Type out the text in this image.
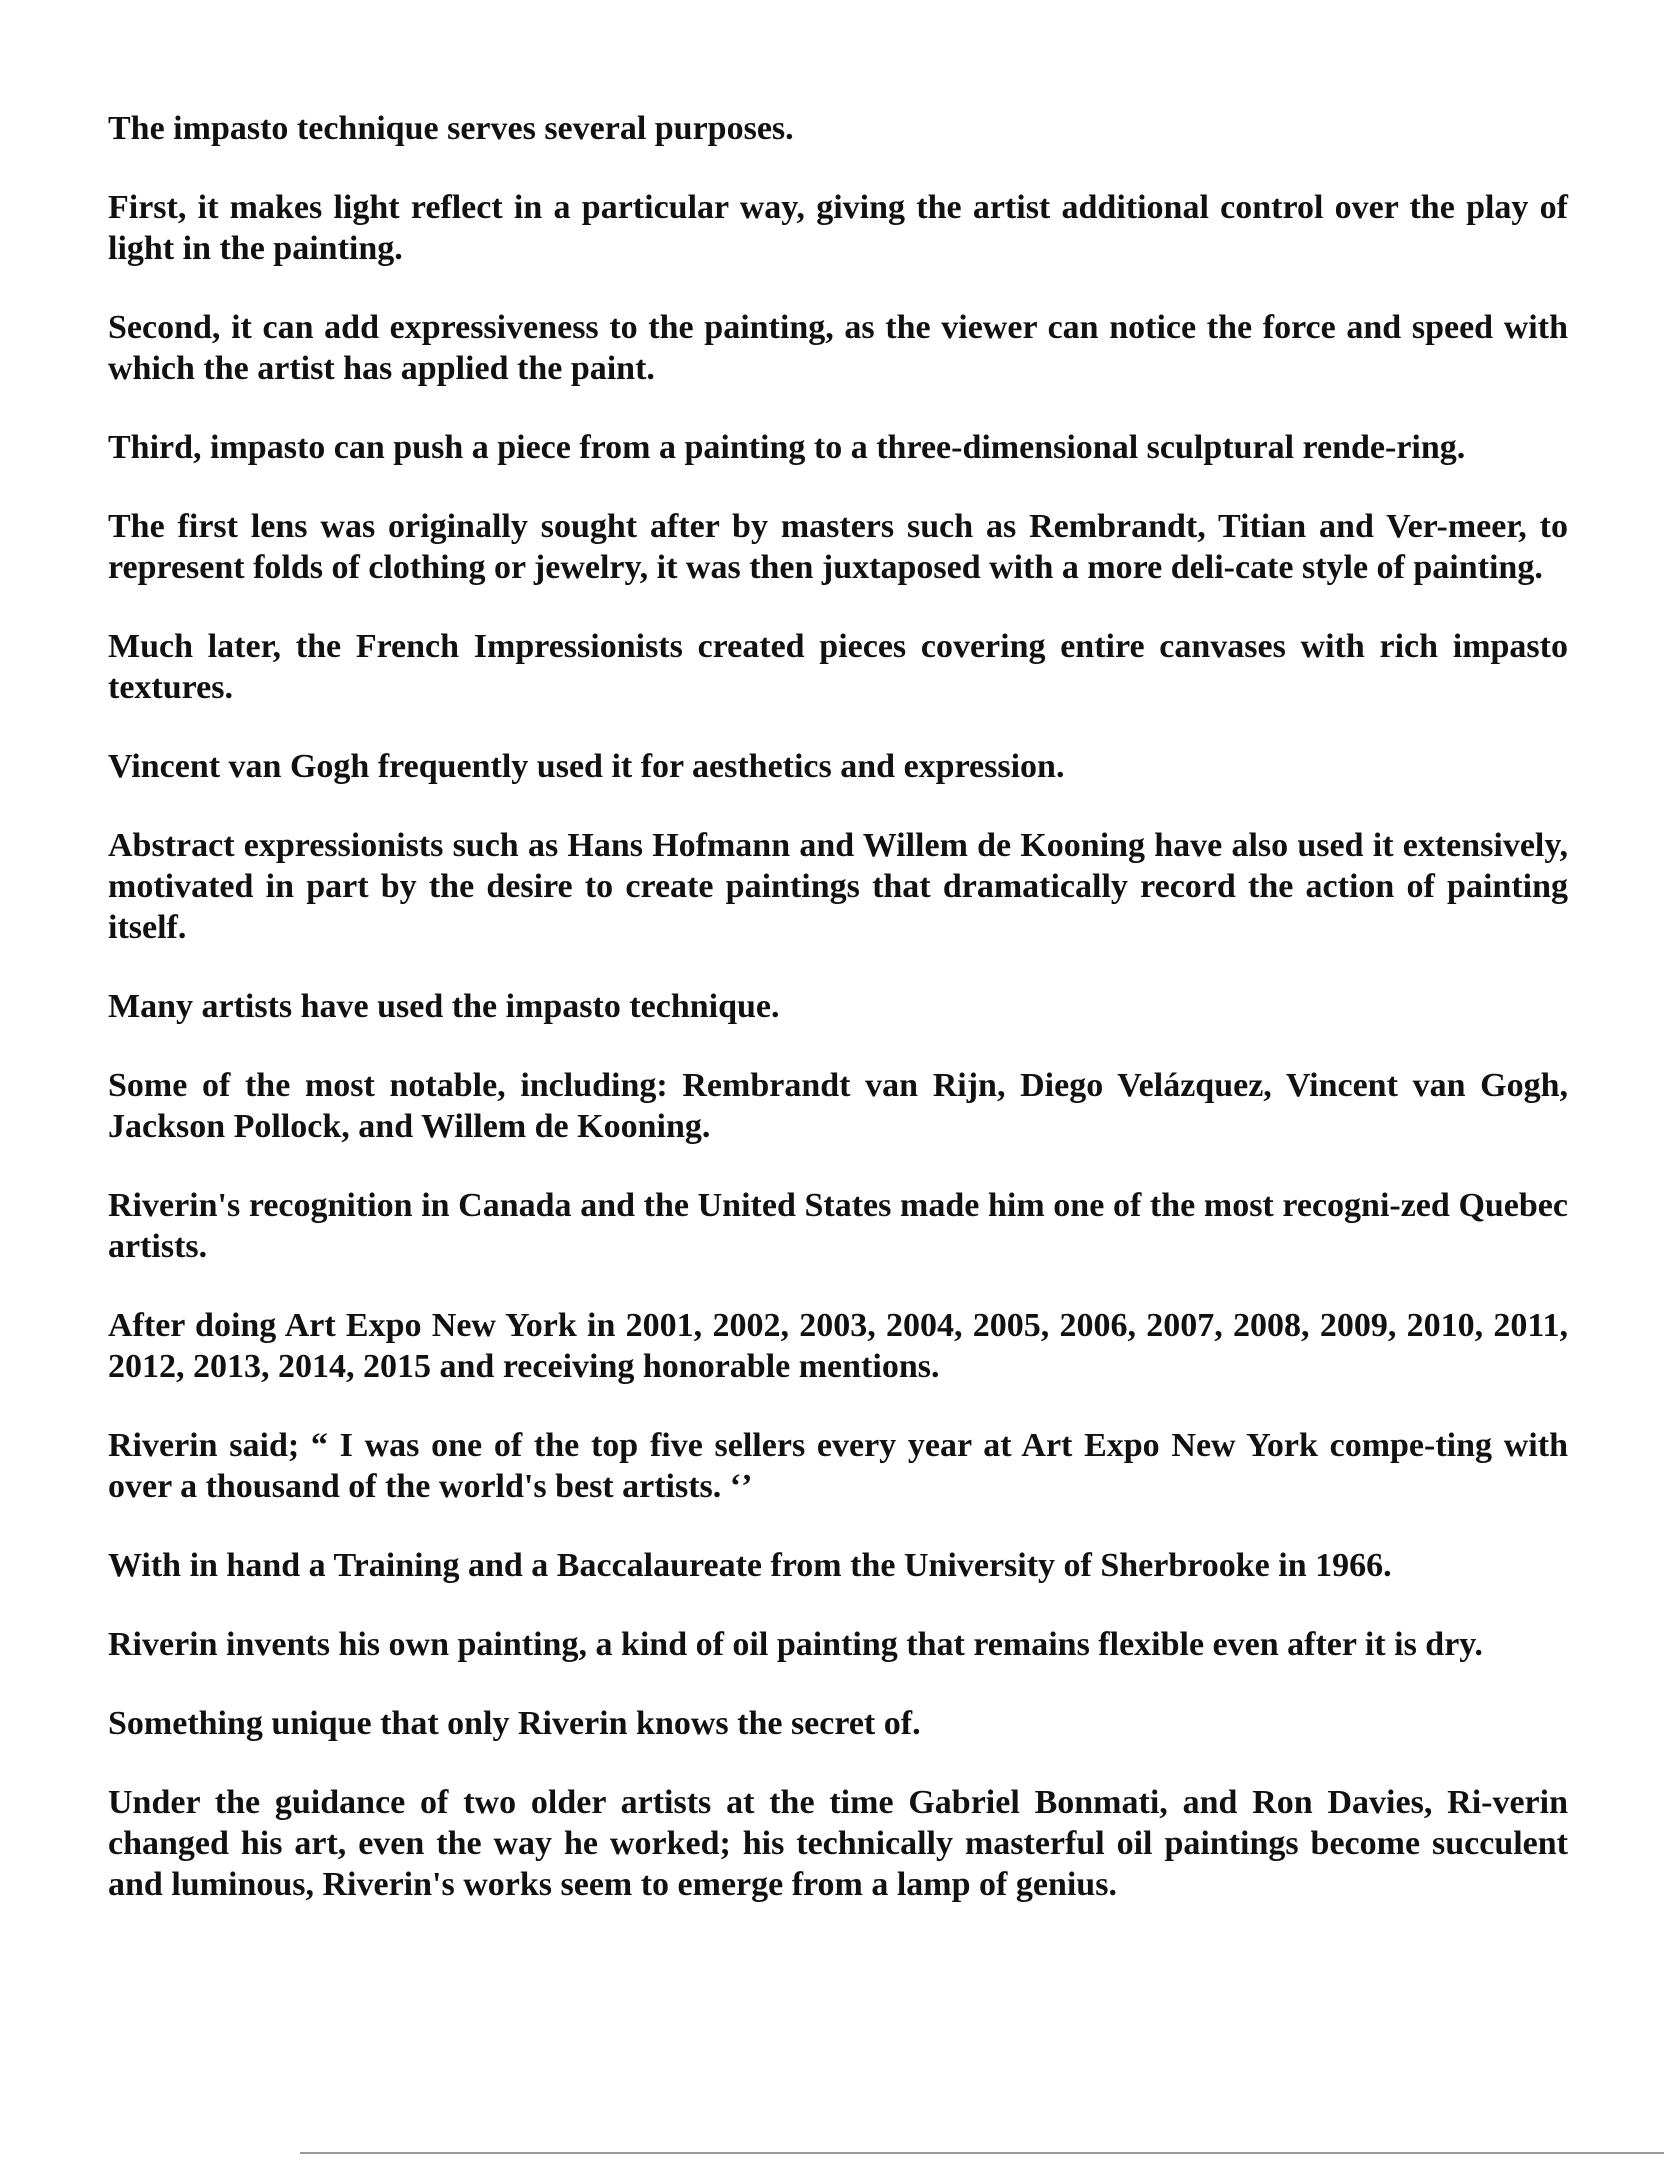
The impasto technique serves several purposes.

First, it makes light reflect in a particular way, giving the artist additional control over the play of light in the painting.

Second, it can add expressiveness to the painting, as the viewer can notice the force and speed with which the artist has applied the paint.

Third, impasto can push a piece from a painting to a three-dimensional sculptural rende-ring.

The first lens was originally sought after by masters such as Rembrandt, Titian and Ver-meer, to represent folds of clothing or jewelry, it was then juxtaposed with a more deli-cate style of painting.

Much later, the French Impressionists created pieces covering entire canvases with rich impasto textures.

Vincent van Gogh frequently used it for aesthetics and expression.

Abstract expressionists such as Hans Hofmann and Willem de Kooning have also used it extensively, motivated in part by the desire to create paintings that dramatically record the action of painting itself.

Many artists have used the impasto technique.

Some of the most notable, including: Rembrandt van Rijn, Diego Velázquez, Vincent van Gogh, Jackson Pollock, and Willem de Kooning.

Riverin's recognition in Canada and the United States made him one of the most recogni-zed Quebec artists.

After doing Art Expo New York in 2001, 2002, 2003, 2004, 2005, 2006, 2007, 2008, 2009, 2010, 2011, 2012, 2013, 2014, 2015 and receiving honorable mentions.

Riverin said; “ I was one of the top five sellers every year at Art Expo New York compe-ting with over a thousand of the world's best artists. ‘’

With in hand a Training and a Baccalaureate from the University of Sherbrooke in 1966.

Riverin invents his own painting, a kind of oil painting that remains flexible even after it is dry.

Something unique that only Riverin knows the secret of.

Under the guidance of two older artists at the time Gabriel Bonmati, and Ron Davies, Ri-verin changed his art, even the way he worked; his technically masterful oil paintings become succulent and luminous, Riverin's works seem to emerge from a lamp of genius.
